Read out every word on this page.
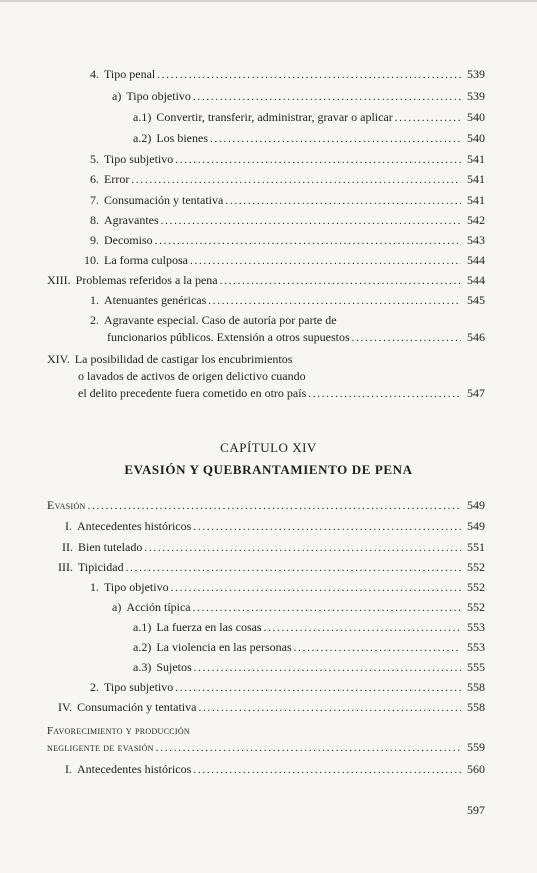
4. Tipo penal . . .	539
a) Tipo objetivo . . .	539
a.1) Convertir, transferir, administrar, gravar o aplicar . . .	540
a.2) Los bienes . . .	540
5. Tipo subjetivo . . .	541
6. Error . . .	541
7. Consumación y tentativa . . .	541
8. Agravantes . . .	542
9. Decomiso . . .	543
10. La forma culposa . . .	544
XIII. Problemas referidos a la pena . . .	544
1. Atenuantes genéricas . . .	545
2. Agravante especial. Caso de autoría por parte de
funcionarios públicos. Extensión a otros supuestos . . .	546
XIV. La posibilidad de castigar los encubrimientos
o lavados de activos de origen delictivo cuando
el delito precedente fuera cometido en otro país . . .	547
CAPÍTULO XIV
EVASIÓN Y QUEBRANTAMIENTO DE PENA
Evasión . . .	549
I. Antecedentes históricos . . .	549
II. Bien tutelado . . .	551
III. Tipicidad . . .	552
1. Tipo objetivo . . .	552
a) Acción típica . . .	552
a.1) La fuerza en las cosas . . .	553
a.2) La violencia en las personas . . .	553
a.3) Sujetos . . .	555
2. Tipo subjetivo . . .	558
IV. Consumación y tentativa . . .	558
Favorecimiento y producción
negligente de evasión . . .	559
I. Antecedentes históricos . . .	560
597
